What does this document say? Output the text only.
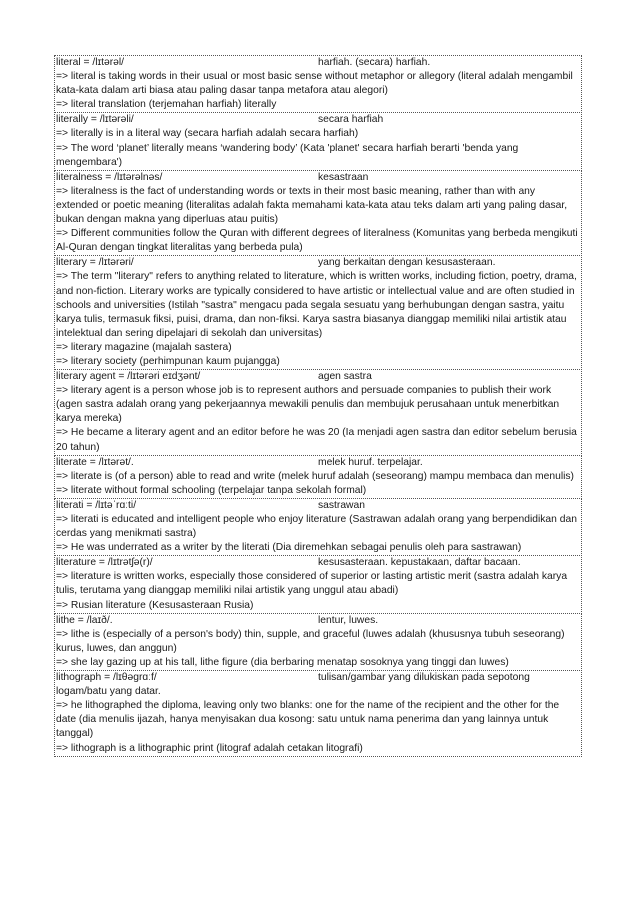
literal = /lɪtərəl/	harfiah. (secara) harfiah.
=> literal is taking words in their usual or most basic sense without metaphor or allegory (literal adalah mengambil kata-kata dalam arti biasa atau paling dasar tanpa metafora atau alegori)
=> literal translation (terjemahan harfiah) literally
literally = /lɪtərəli/	secara harfiah
=> literally is in a literal way (secara harfiah adalah secara harfiah)
=> The word ‘planet’ literally means ‘wandering body’ (Kata 'planet' secara harfiah berarti 'benda yang mengembara')
literalness = /lɪtərəlnəs/	kesastraan
=> literalness is the fact of understanding words or texts in their most basic meaning, rather than with any extended or poetic meaning (literalitas adalah fakta memahami kata-kata atau teks dalam arti yang paling dasar, bukan dengan makna yang diperluas atau puitis)
=> Different communities follow the Quran with different degrees of literalness (Komunitas yang berbeda mengikuti Al-Quran dengan tingkat literalitas yang berbeda pula)
literary = /lɪtərəri/	yang berkaitan dengan kesusasteraan.
=> The term "literary" refers to anything related to literature, which is written works, including fiction, poetry, drama, and non-fiction. Literary works are typically considered to have artistic or intellectual value and are often studied in schools and universities (Istilah "sastra" mengacu pada segala sesuatu yang berhubungan dengan sastra, yaitu karya tulis, termasuk fiksi, puisi, drama, dan non-fiksi. Karya sastra biasanya dianggap memiliki nilai artistik atau intelektual dan sering dipelajari di sekolah dan universitas)
=> literary magazine (majalah sastera)
=> literary society (perhimpunan kaum pujangga)
literary agent = /lɪtərəri eɪdʒənt/	agen sastra
=> literary agent is a person whose job is to represent authors and persuade companies to publish their work (agen sastra adalah orang yang pekerjaannya mewakili penulis dan membujuk perusahaan untuk menerbitkan karya mereka)
=> He became a literary agent and an editor before he was 20 (Ia menjadi agen sastra dan editor sebelum berusia 20 tahun)
literate = /lɪtərət/.	melek huruf. terpelajar.
=> literate is (of a person) able to read and write (melek huruf adalah (seseorang) mampu membaca dan menulis)
=> literate without formal schooling (terpelajar tanpa sekolah formal)
literati = /lɪtəˈrɑːti/	sastrawan
=> literati is educated and intelligent people who enjoy literature (Sastrawan adalah orang yang berpendidikan dan cerdas yang menikmati sastra)
=> He was underrated as a writer by the literati (Dia diremehkan sebagai penulis oleh para sastrawan)
literature = /lɪtrətʃə(r)/	kesusasteraan. kepustakaan, daftar bacaan.
=> literature is written works, especially those considered of superior or lasting artistic merit (sastra adalah karya tulis, terutama yang dianggap memiliki nilai artistik yang unggul atau abadi)
=> Rusian literature (Kesusasteraan Rusia)
lithe = /laɪð/.	lentur, luwes.
=> lithe is (especially of a person's body) thin, supple, and graceful (luwes adalah (khususnya tubuh seseorang) kurus, luwes, dan anggun)
=> she lay gazing up at his tall, lithe figure (dia berbaring menatap sosoknya yang tinggi dan luwes)
lithograph = /lɪθəgrɑːf/	tulisan/gambar yang dilukiskan pada sepotong
logam/batu yang datar.
=> he lithographed the diploma, leaving only two blanks: one for the name of the recipient and the other for the date (dia menulis ijazah, hanya menyisakan dua kosong: satu untuk nama penerima dan yang lainnya untuk tanggal)
=> lithograph is a lithographic print (litograf adalah cetakan litografi)
